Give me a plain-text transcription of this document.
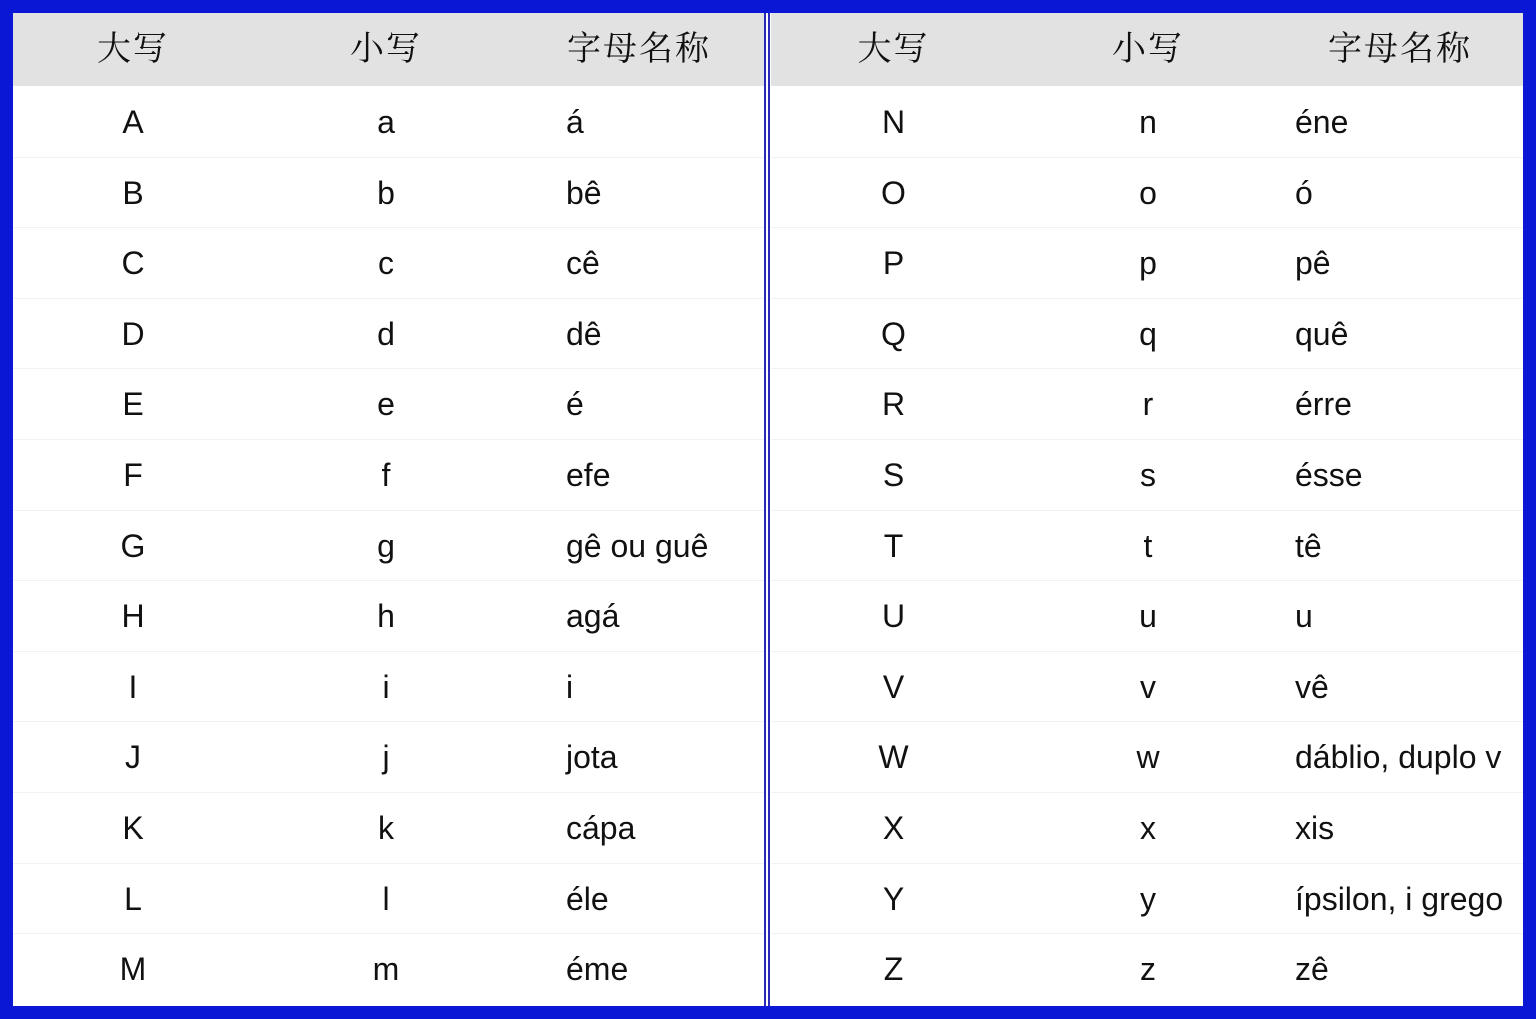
大写	小写	字母名称
A	a	á
B	b	bê
C	c	cê
D	d	dê
E	e	é
F	f	efe
G	g	gê ou guê
H	h	agá
I	i	i
J	j	jota
K	k	cápa
L	l	éle
M	m	éme
大写	小写	字母名称
N	n	éne
O	o	ó
P	p	pê
Q	q	quê
R	r	érre
S	s	ésse
T	t	tê
U	u	u
V	v	vê
W	w	dáblio, duplo v
X	x	xis
Y	y	ípsilon, i grego
Z	z	zê
